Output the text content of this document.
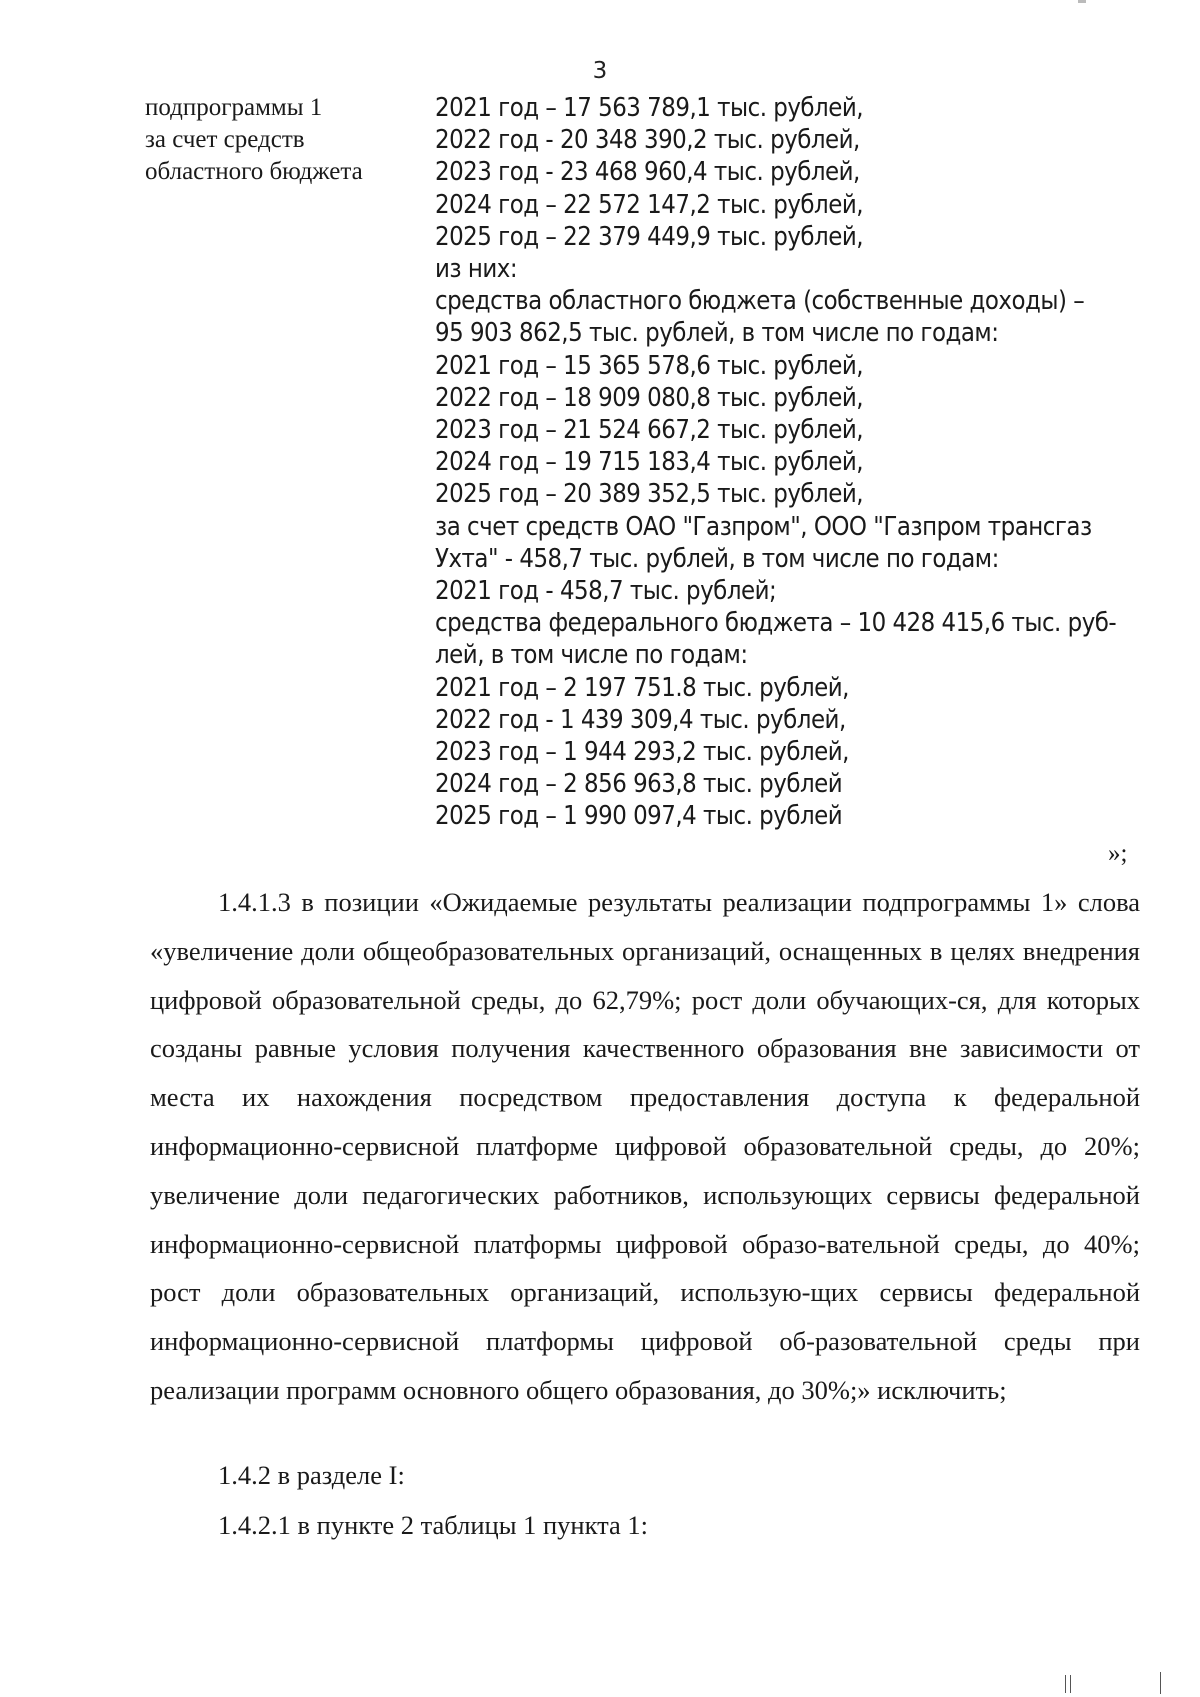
3
подпрограммы 1
за счет средств
областного бюджета
2021 год – 17 563 789,1 тыс. рублей,
2022 год - 20 348 390,2 тыс. рублей,
2023 год - 23 468 960,4 тыс. рублей,
2024 год – 22 572 147,2 тыс. рублей,
2025 год – 22 379 449,9 тыс. рублей,
из них:
средства областного бюджета (собственные доходы) –
95 903 862,5 тыс. рублей, в том числе по годам:
2021 год – 15 365 578,6 тыс. рублей,
2022 год – 18 909 080,8 тыс. рублей,
2023 год – 21 524 667,2 тыс. рублей,
2024 год – 19 715 183,4 тыс. рублей,
2025 год – 20 389 352,5 тыс. рублей,
за счет средств ОАО "Газпром", ООО "Газпром трансгаз
Ухта" - 458,7 тыс. рублей, в том числе по годам:
2021 год - 458,7 тыс. рублей;
средства федерального бюджета – 10 428 415,6 тыс. руб-
лей, в том числе по годам:
2021 год – 2 197 751.8 тыс. рублей,
2022 год - 1 439 309,4 тыс. рублей,
2023 год – 1 944 293,2 тыс. рублей,
2024 год – 2 856 963,8 тыс. рублей
2025 год – 1 990 097,4 тыс. рублей
»;
1.4.1.3 в позиции «Ожидаемые результаты реализации подпрограммы 1» слова «увеличение доли общеобразовательных организаций, оснащенных в целях внедрения цифровой образовательной среды, до 62,79%; рост доли обучающих-ся, для которых созданы равные условия получения качественного образования вне зависимости от места их нахождения посредством предоставления доступа к федеральной информационно-сервисной платформе цифровой образовательной среды, до 20%; увеличение доли педагогических работников, использующих сервисы федеральной информационно-сервисной платформы цифровой образо-вательной среды, до 40%; рост доли образовательных организаций, использую-щих сервисы федеральной информационно-сервисной платформы цифровой об-разовательной среды при реализации программ основного общего образования, до 30%;» исключить;
1.4.2 в разделе I:
1.4.2.1 в пункте 2 таблицы 1 пункта 1:
